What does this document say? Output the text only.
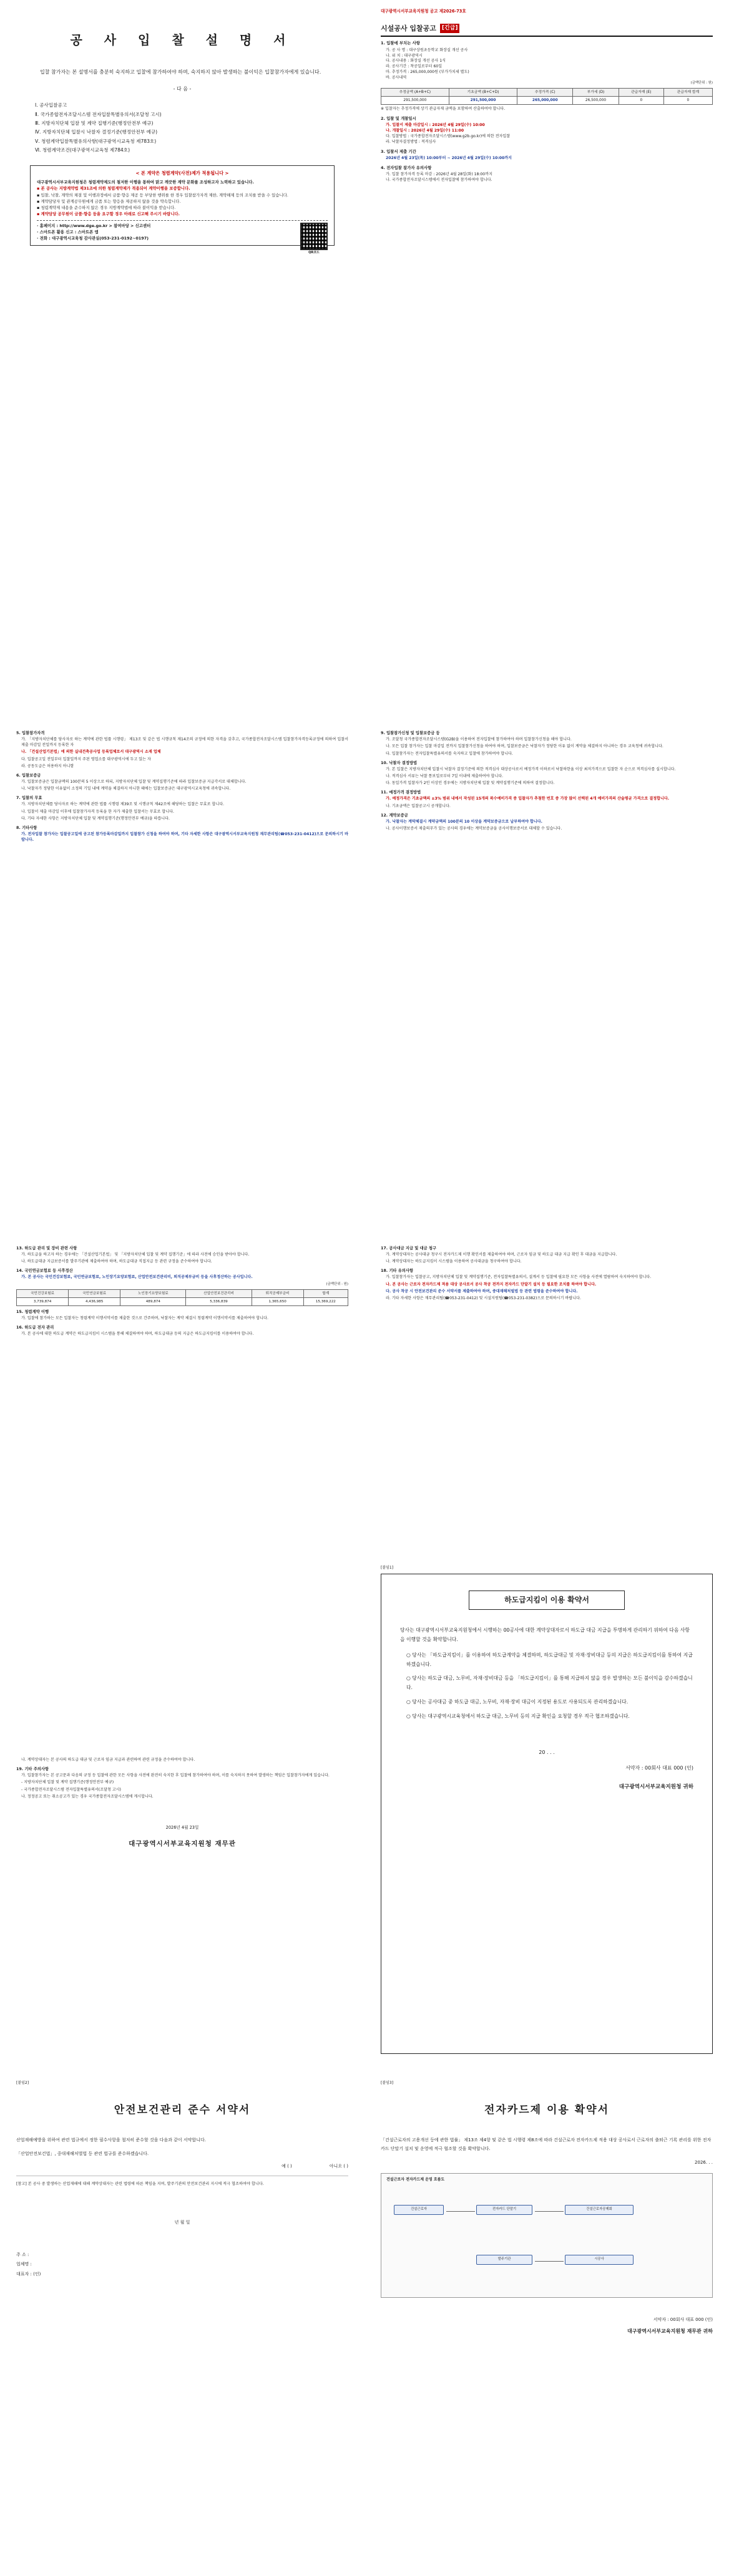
공 사 입 찰 설 명 서
입찰 참가자는 본 설명서를 충분히 숙지하고 입찰에 참가하여야 하며, 숙지하지 않아 발생하는 불이익은 입찰참가자에게 있습니다.
- 다 음 -
Ⅰ. 공사입찰공고
Ⅱ. 국가종합전자조달시스템 전자입찰특별유의서(조달청 고시)
Ⅲ. 지방자치단체 입찰 및 계약 집행기준(행정안전부 예규)
Ⅳ. 지방자치단체 입찰시 낙찰자 결정기준(행정안전부 예규)
Ⅴ. 청렴계약입찰특별유의사항(대구광역시교육청 제783호)
Ⅵ. 청렴계약조건(대구광역시교육청 제784호)
< 본 계약은 청렴계약(사전)제가 적용됩니다 >
대구광역시서부교육지원청은 청렴계약제도의 철저한 이행을 통하여 맑고 깨끗한 계약 문화를 조성하고자 노력하고 있습니다.
▪ 본 공사는 지방계약법 제31조에 의한 청렴계약제가 적용되어 계약이행을 보증합니다.
▪ 입찰, 낙찰, 계약의 체결 및 이행과정에서 금품·향응 제공 등 부당한 행위를 한 경우 입찰참가자격 제한, 계약해제 등의 조치를 받을 수 있습니다.
▪ 계약담당자 및 관계공무원에게 금품 또는 향응을 제공하지 않을 것을 약속합니다.
▪ 청렴계약제 내용을 준수하지 않은 경우 지방계약법에 따라 불이익을 받습니다.
▪ 계약담당 공무원이 금품·향응 등을 요구할 경우 아래로 신고해 주시기 바랍니다.
· 홈페이지 : http://www.dge.go.kr > 참여마당 > 신고센터
· 스마트폰 활용 신고 : 스마트폰 앱
· 전화 : 대구광역시교육청 감사관실(053-231-0192~0197)
QR코드
대구광역시서부교육지원청 공고 제2026-73호
시설공사 입찰공고	[긴급]
1. 입찰에 부치는 사항
가. 공 사 명 : 대구상원초등학교 화장실 개선 공사
나. 위 치 : 대구광역시
다. 공사내용 : 화장실 개선 공사 1식
라. 공사기간 : 착공일로부터 60일
마. 추정가격 : 265,000,000원 (부가가치세 별도)
바. 공사내역
(금액단위 : 원)
추정금액 (A+B+C)	기초금액 (B+C+D)	추정가격 (C)	부가세 (D)	관급자재 (E)	관급자재 합계
291,500,000	291,500,000	265,000,000	26,500,000	0	0
※ 입찰자는 추정가격에 상기 관급자재 금액을 포함하여 산출하여야 합니다.
2. 입찰 및 개찰일시
가. 입찰서 제출 마감일시 : 2026년 4월 29일(수) 10:00
나. 개찰일시 : 2026년 4월 29일(수) 11:00
다. 입찰방법 : 국가종합전자조달시스템(www.g2b.go.kr)에 의한 전자입찰
라. 낙찰자결정방법 : 적격심사
3. 입찰서 제출 기간
2026년 4월 23일(목) 10:00부터 ~ 2026년 4월 29일(수) 10:00까지
4. 전자입찰 참가자 유의사항
가. 입찰 참가자격 등록 마감 : 2026년 4월 28일(화) 18:00까지
나. 국가종합전자조달시스템에서 전자입찰에 참가하여야 합니다.
5. 입찰참가자격

가. 「지방자치단체를 당사자로 하는 계약에 관한 법률 시행령」 제13조 및 같은 법 시행규칙 제14조의 규정에 의한 자격을 갖추고, 국가종합전자조달시스템 입찰참가자격등록규정에 의하여 입찰서 제출 마감일 전일까지 등록한 자

나. 「건설산업기본법」에 의한 실내건축공사업 등록업체로서 대구광역시 소재 업체

다. 입찰공고일 전일부터 입찰일까지 주된 영업소를 대구광역시에 두고 있는 자

라. 공동도급은 허용하지 아니함

6. 입찰보증금

가. 입찰보증금은 입찰금액의 100분의 5 이상으로 하되, 지방자치단체 입찰 및 계약집행기준에 따라 입찰보증금 지급각서로 대체합니다.

나. 낙찰자가 정당한 이유없이 소정의 기일 내에 계약을 체결하지 아니한 때에는 입찰보증금은 대구광역시교육청에 귀속합니다.

7. 입찰의 무효

가. 지방자치단체를 당사자로 하는 계약에 관한 법률 시행령 제39조 및 시행규칙 제42조에 해당하는 입찰은 무효로 합니다.

나. 입찰서 제출 마감일 이후에 입찰참가자격 등록을 한 자가 제출한 입찰서는 무효로 합니다.

다. 기타 자세한 사항은 지방자치단체 입찰 및 계약집행기준(행정안전부 예규)을 따릅니다.

8. 기타사항

가. 전자입찰 참가자는 입찰공고일에 공고된 참가등록마감일까지 입찰참가 신청을 하여야 하며, 기타 자세한 사항은 대구광역시서부교육지원청 재무관리팀(☎053-231-0412)으로 문의하시기 바랍니다.

9. 입찰참가신청 및 입찰보증금 등

가. 조달청 국가종합전자조달시스템(G2B)을 이용하여 전자입찰에 참가하여야 하며 입찰참가신청을 해야 합니다.

나. 모든 입찰 참가자는 입찰 마감일 전까지 입찰참가신청을 하여야 하며, 입찰보증금은 낙찰자가 정당한 이유 없이 계약을 체결하지 아니하는 경우 교육청에 귀속합니다.

다. 입찰참가자는 전자입찰특별유의서를 숙지하고 입찰에 참가하여야 합니다.

10. 낙찰자 결정방법

가. 본 입찰은 지방자치단체 입찰시 낙찰자 결정기준에 의한 적격심사 대상공사로서 예정가격 이하로서 낙찰하한율 이상 최저가격으로 입찰한 자 순으로 적격심사를 실시합니다.

나. 적격심사 서류는 낙찰 통보일로부터 7일 이내에 제출하여야 합니다.

다. 동일가격 입찰자가 2인 이상인 경우에는 지방자치단체 입찰 및 계약집행기준에 의하여 결정합니다.

11. 예정가격 결정방법

가. 예정가격은 기초금액의 ±3% 범위 내에서 작성된 15개의 복수예비가격 중 입찰자가 추첨한 번호 중 가장 많이 선택된 4개 예비가격의 산술평균 가격으로 결정합니다.

나. 기초금액은 입찰공고시 공개합니다.

12. 계약보증금

가. 낙찰자는 계약체결시 계약금액의 100분의 10 이상을 계약보증금으로 납부하여야 합니다.

나. 공사이행보증서 제출의무가 있는 공사의 경우에는 계약보증금을 공사이행보증서로 대체할 수 있습니다.

13. 하도급 관리 및 장비 관련 사항

가. 하도급을 하고자 하는 경우에는 「건설산업기본법」 및 「지방자치단체 입찰 및 계약 집행기준」에 따라 사전에 승인을 받아야 합니다.

나. 하도급대금 지급보증서를 발주기관에 제출하여야 하며, 하도급대금 직접지급 등 관련 규정을 준수하여야 합니다.

14. 국민연금보험료 등 사후정산

가. 본 공사는 국민건강보험료, 국민연금보험료, 노인장기요양보험료, 산업안전보건관리비, 퇴직공제부금비 등을 사후정산하는 공사입니다.

(금액단위 : 원)
국민건강보험료	국민연금보험료	노인장기요양보험료	산업안전보건관리비	퇴직공제부금비	합계
3,739,874	4,436,985	489,874	5,336,839	1,365,650	15,369,222
15. 청렴계약 이행

가. 입찰에 참가하는 모든 입찰자는 청렴계약 이행서약서를 제출한 것으로 간주하며, 낙찰자는 계약 체결시 청렴계약 이행서약서를 제출하여야 합니다.

16. 하도급 전자 관리

가. 본 공사에 대한 하도급 계약은 하도급지킴이 시스템을 통해 체결하여야 하며, 하도급대금 등의 지급은 하도급지킴이를 이용하여야 합니다.

17. 공사대금 지급 및 대금 청구

가. 계약상대자는 공사대금 청구시 전자카드제 이행 확인서를 제출하여야 하며, 근로자 임금 및 하도급 대금 지급 확인 후 대금을 지급합니다.

나. 계약상대자는 하도급지킴이 시스템을 이용하여 공사대금을 청구하여야 합니다.

18. 기타 유의사항

가. 입찰참가자는 입찰공고, 지방자치단체 입찰 및 계약집행기준, 전자입찰특별유의서, 설계서 등 입찰에 필요한 모든 사항을 사전에 열람하여 숙지하여야 합니다.

나. 본 공사는 근로자 전자카드제 적용 대상 공사로서 공사 착공 전까지 전자카드 단말기 설치 등 필요한 조치를 하여야 합니다.

다. 공사 착공 시 안전보건관리 준수 서약서를 제출하여야 하며, 중대재해처벌법 등 관련 법령을 준수하여야 합니다.

라. 기타 자세한 사항은 재무관리팀(☎053-231-0412) 및 시설지원팀(☎053-231-0382)으로 문의하시기 바랍니다.

나. 계약상대자는 본 공사의 하도급 대금 및 근로자 임금 지급과 관련하여 관련 규정을 준수하여야 합니다.

19. 기타 주의사항

가. 입찰참가자는 본 공고문과 다음의 규정 등 입찰에 관한 모든 사항을 사전에 완전히 숙지한 후 입찰에 참가하여야 하며, 이를 숙지하지 못하여 발생하는 책임은 입찰참가자에게 있습니다.

- 지방자치단체 입찰 및 계약 집행기준(행정안전부 예규)

- 국가종합전자조달시스템 전자입찰특별유의서(조달청 고시)

나. 정정공고 또는 취소공고가 있는 경우 국가종합전자조달시스템에 게시합니다.

2026년 4월 23일
대구광역시서부교육지원청 재무관
[붙임1]
하도급지킴이 이용 확약서

당사는 대구광역시서부교육지원청에서 시행하는 00공사에 대한 계약상대자로서 하도급 대금 지급을 투명하게 관리하기 위하여 다음 사항을 이행할 것을 확약합니다.

○ 당사는 「하도급지킴이」를 이용하여 하도급계약을 체결하며, 하도급대금 및 자재·장비대금 등의 지급은 하도급지킴이를 통하여 지급하겠습니다.
○ 당사는 하도급 대금, 노무비, 자재·장비대금 등을 「하도급지킴이」를 통해 지급하지 않을 경우 발생하는 모든 불이익을 감수하겠습니다.
○ 당사는 공사대금 중 하도급 대금, 노무비, 자재·장비 대금이 지정된 용도로 사용되도록 관리하겠습니다.
○ 당사는 대구광역시교육청에서 하도급 대금, 노무비 등의 지급 확인을 요청할 경우 적극 협조하겠습니다.
20 . . .
서약자 : 00회사 대표 000 (인)
대구광역시서부교육지원청 귀하
[붙임2]
안전보건관리 준수 서약서

산업재해예방을 위하여 관련 법규에서 정한 필수사항을 철저히 준수할 것을 다음과 같이 서약합니다.

「산업안전보건법」, 중대재해처벌법 등 관련 법규를 준수하겠습니다.

예 ( )	아니오 ( )
[참고] 본 공사 중 발생하는 산업재해에 대해 계약상대자는 관련 법령에 따른 책임을 지며, 발주기관의 안전보건관리 지시에 적극 협조하여야 합니다.
년 월 일
주 소 :
업체명 :
대표자 : (인)
[붙임3]
전자카드제 이용 확약서

「건설근로자의 고용개선 등에 관한 법률」 제13조 제4항 및 같은 법 시행령 제8조에 따라 건설근로자 전자카드제 적용 대상 공사로서 근로자의 출퇴근 기록 관리를 위한 전자카드 단말기 설치 및 운영에 적극 협조할 것을 확약합니다.

2026. . .
건설근로자 전자카드제 운영 흐름도
건설근로자	전자카드 단말기	건설근로자공제회
발주기관	시공사
서약자 : 00회사 대표 000 (인)
대구광역시서부교육지원청 재무관 귀하
